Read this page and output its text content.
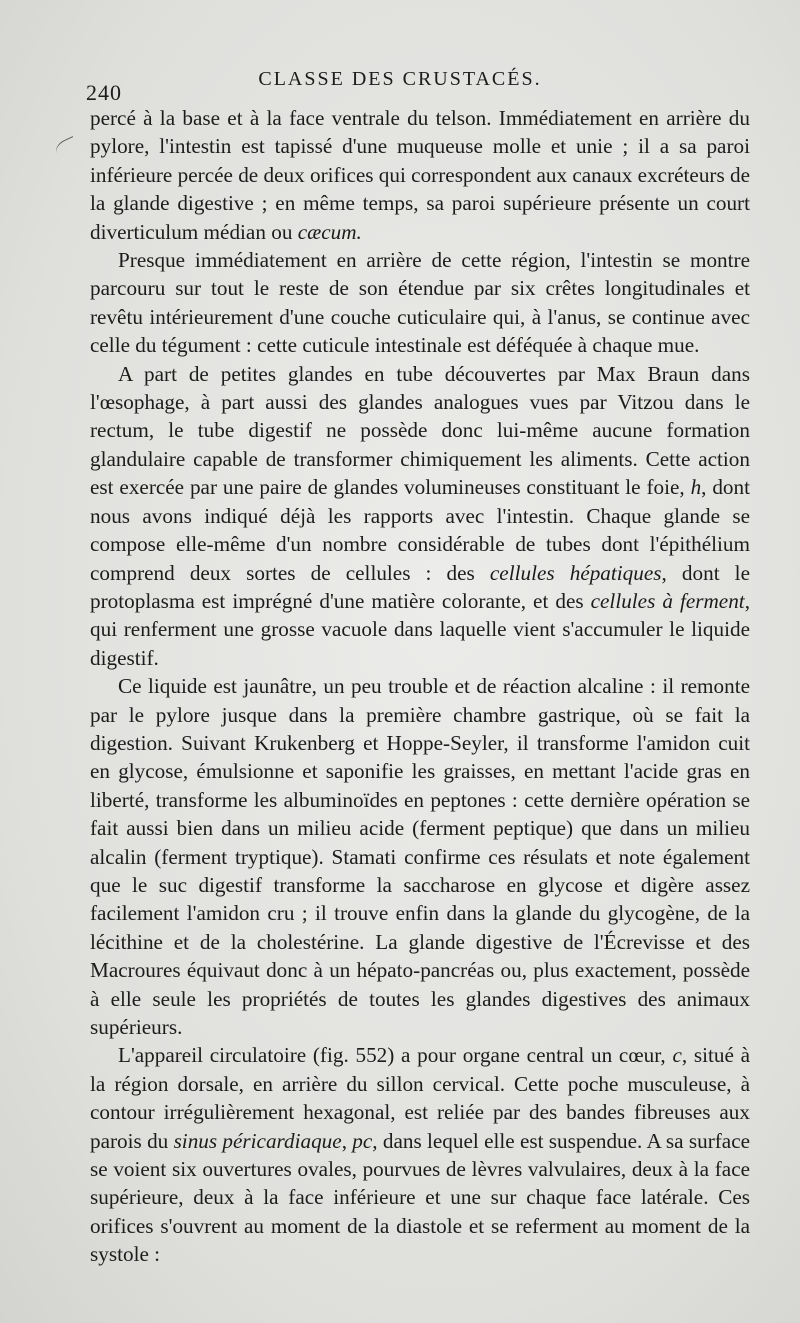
240
CLASSE DES CRUSTACÉS.

percé à la base et à la face ventrale du telson. Immédiatement en arrière du pylore, l'intestin est tapissé d'une muqueuse molle et unie ; il a sa paroi inférieure percée de deux orifices qui correspondent aux canaux excréteurs de la glande digestive ; en même temps, sa paroi supérieure présente un court diverticulum médian ou cæcum.

Presque immédiatement en arrière de cette région, l'intestin se montre parcouru sur tout le reste de son étendue par six crêtes longitudinales et revêtu intérieurement d'une couche cuticulaire qui, à l'anus, se continue avec celle du tégument : cette cuticule intestinale est déféquée à chaque mue.

A part de petites glandes en tube découvertes par Max Braun dans l'œsophage, à part aussi des glandes analogues vues par Vitzou dans le rectum, le tube digestif ne possède donc lui-même aucune formation glandulaire capable de transformer chimiquement les aliments. Cette action est exercée par une paire de glandes volumineuses constituant le foie, h, dont nous avons indiqué déjà les rapports avec l'intestin. Chaque glande se compose elle-même d'un nombre considérable de tubes dont l'épithélium comprend deux sortes de cellules : des cellules hépatiques, dont le protoplasma est imprégné d'une matière colorante, et des cellules à ferment, qui renferment une grosse vacuole dans laquelle vient s'accumuler le liquide digestif.

Ce liquide est jaunâtre, un peu trouble et de réaction alcaline : il remonte par le pylore jusque dans la première chambre gastrique, où se fait la digestion. Suivant Krukenberg et Hoppe-Seyler, il transforme l'amidon cuit en glycose, émulsionne et saponifie les graisses, en mettant l'acide gras en liberté, transforme les albuminoïdes en peptones : cette dernière opération se fait aussi bien dans un milieu acide (ferment peptique) que dans un milieu alcalin (ferment tryptique). Stamati confirme ces résulats et note également que le suc digestif transforme la saccharose en glycose et digère assez facilement l'amidon cru ; il trouve enfin dans la glande du glycogène, de la lécithine et de la cholestérine. La glande digestive de l'Écrevisse et des Macroures équivaut donc à un hépato-pancréas ou, plus exactement, possède à elle seule les propriétés de toutes les glandes digestives des animaux supérieurs.

L'appareil circulatoire (fig. 552) a pour organe central un cœur, c, situé à la région dorsale, en arrière du sillon cervical. Cette poche musculeuse, à contour irrégulièrement hexagonal, est reliée par des bandes fibreuses aux parois du sinus péricardiaque, pc, dans lequel elle est suspendue. A sa surface se voient six ouvertures ovales, pourvues de lèvres valvulaires, deux à la face supérieure, deux à la face inférieure et une sur chaque face latérale. Ces orifices s'ouvrent au moment de la diastole et se referment au moment de la systole :
